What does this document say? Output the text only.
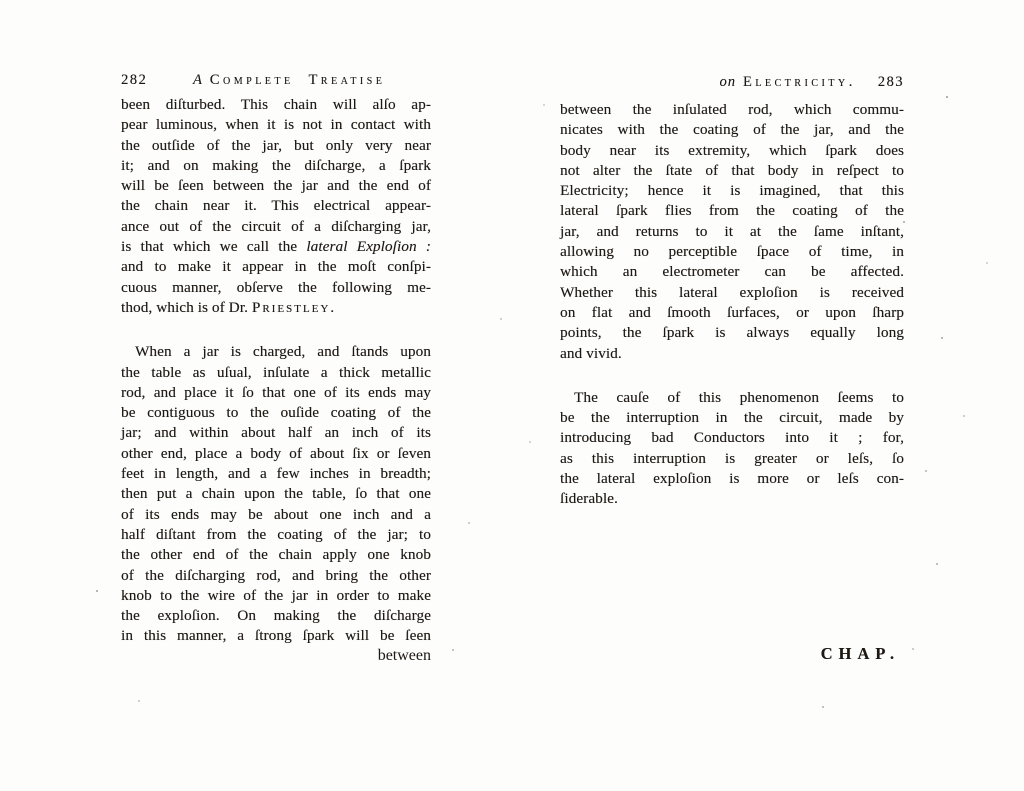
282	A Complete Treatise
been diſturbed. This chain will alſo ap-
pear luminous, when it is not in contact with
the outſide of the jar, but only very near
it; and on making the diſcharge, a ſpark
will be ſeen between the jar and the end of
the chain near it. This electrical appear-
ance out of the circuit of a diſcharging jar,
is that which we call the lateral Exploſion :
and to make it appear in the moſt conſpi-
cuous manner, obſerve the following me-
thod, which is of Dr. Priestley.
When a jar is charged, and ſtands upon
the table as uſual, inſulate a thick metallic
rod, and place it ſo that one of its ends may
be contiguous to the ouſide coating of the
jar; and within about half an inch of its
other end, place a body of about ſix or ſeven
feet in length, and a few inches in breadth;
then put a chain upon the table, ſo that one
of its ends may be about one inch and a
half diſtant from the coating of the jar; to
the other end of the chain apply one knob
of the diſcharging rod, and bring the other
knob to the wire of the jar in order to make
the exploſion. On making the diſcharge
in this manner, a ſtrong ſpark will be ſeen
between
on Electricity. 283
between the inſulated rod, which commu-
nicates with the coating of the jar, and the
body near its extremity, which ſpark does
not alter the ſtate of that body in reſpect to
Electricity; hence it is imagined, that this
lateral ſpark flies from the coating of the
jar, and returns to it at the ſame inſtant,
allowing no perceptible ſpace of time, in
which an electrometer can be affected.
Whether this lateral exploſion is received
on flat and ſmooth ſurfaces, or upon ſharp
points, the ſpark is always equally long
and vivid.
The cauſe of this phenomenon ſeems to
be the interruption in the circuit, made by
introducing bad Conductors into it ; for,
as this interruption is greater or leſs, ſo
the lateral exploſion is more or leſs con-
ſiderable.
CHAP.
